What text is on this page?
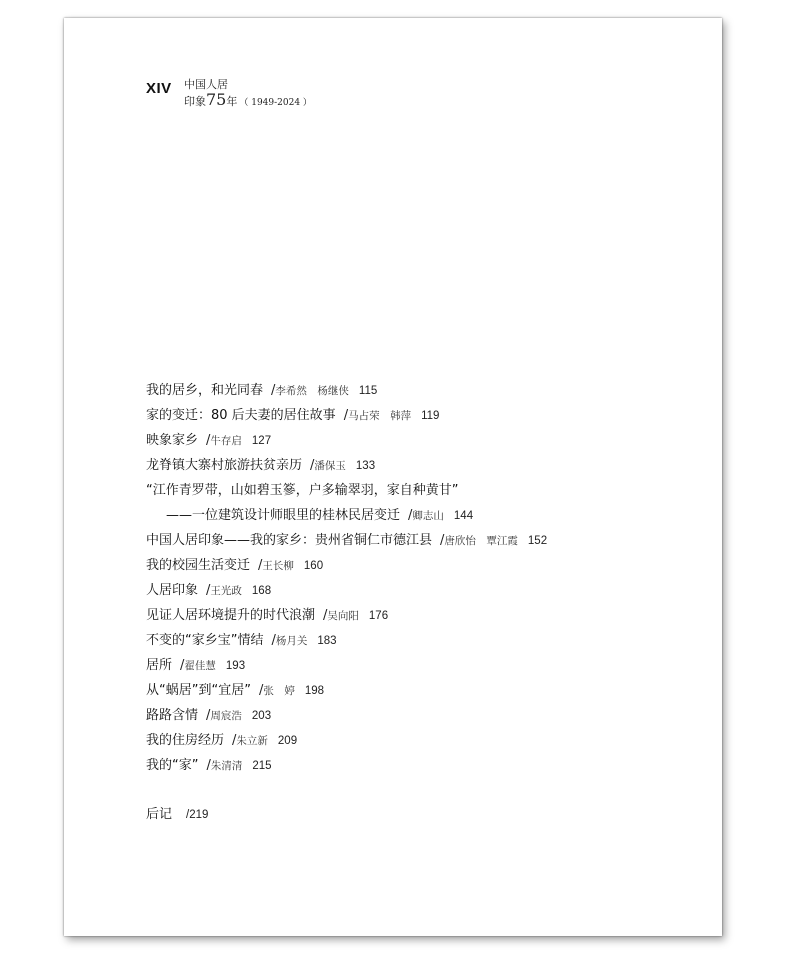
XIV 中国人居
印象75年 （ 1949-2024 ）
我的居乡，和光同春 /李希然　杨继侠 115
家的变迁：80 后夫妻的居住故事 /马占荣　韩萍 119
映象家乡 /牛存启 127
龙脊镇大寨村旅游扶贫亲历 /潘保玉 133
“江作青罗带，山如碧玉篸，户多输翠羽，家自种黄甘”
——一位建筑设计师眼里的桂林民居变迁 /卿志山 144
中国人居印象——我的家乡：贵州省铜仁市德江县 /唐欣怡　覃江霞 152
我的校园生活变迁 /王长柳 160
人居印象 /王光政 168
见证人居环境提升的时代浪潮 /吴向阳 176
不变的“家乡宝”情结 /杨月关 183
居所 /翟佳慧 193
从“蜗居”到“宜居” /张　婷 198
路路含情 /周宸浩 203
我的住房经历 /朱立新 209
我的“家” /朱清清 215
后记 /219
